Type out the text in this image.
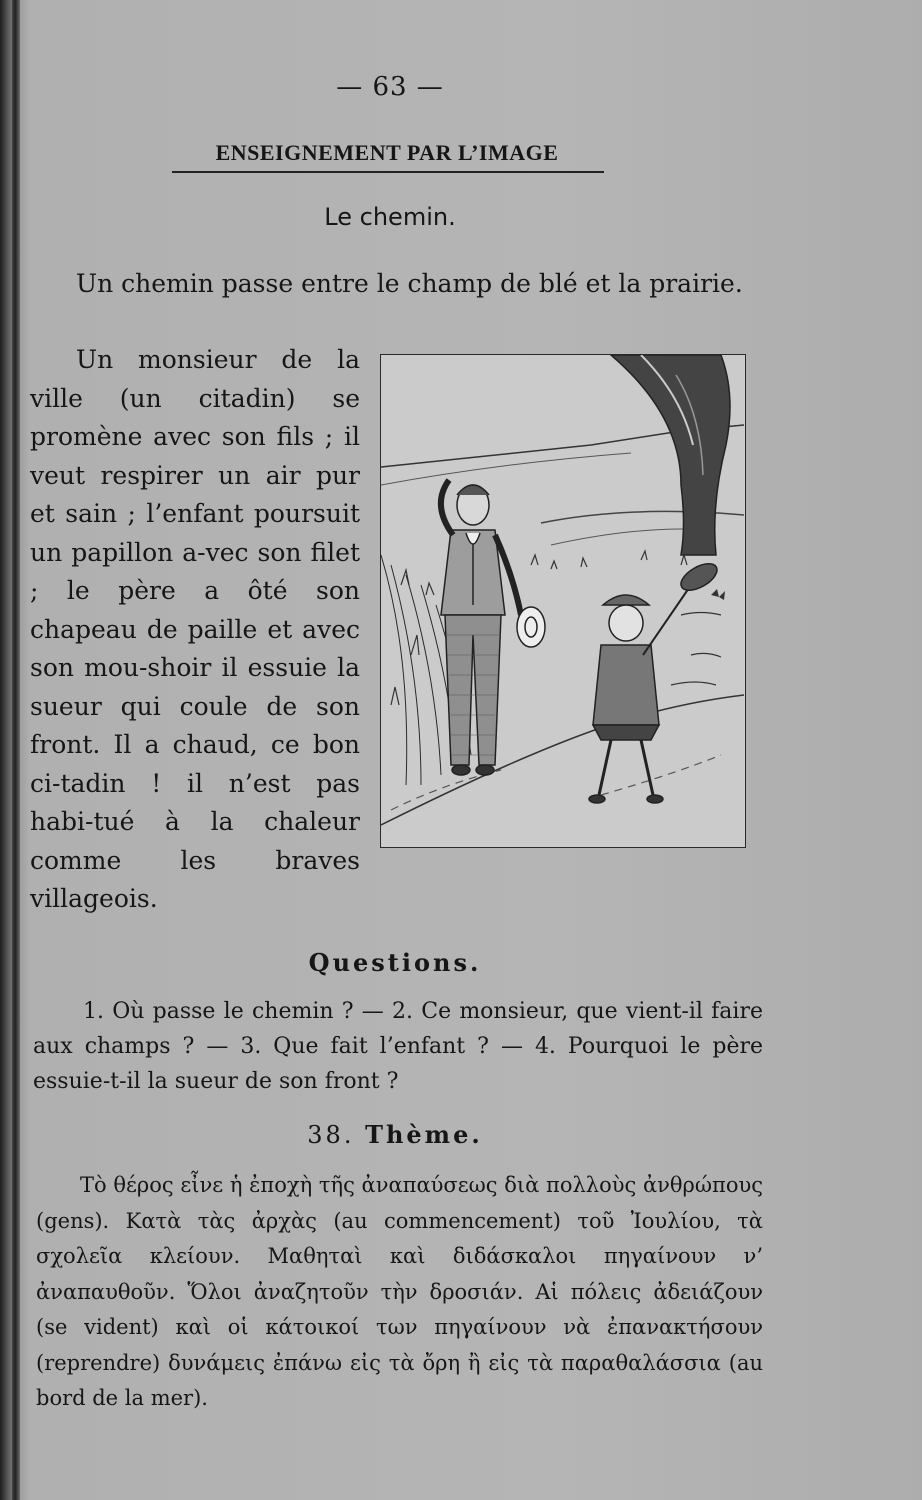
— 63 —
ENSEIGNEMENT PAR L’IMAGE
Le chemin.

Un chemin passe entre le champ de blé et la prairie.

Un monsieur de la ville (un citadin) se promène avec son fils ; il veut respirer un air pur et sain ; l’enfant poursuit un papillon a-vec son filet ; le père a ôté son chapeau de paille et avec son mou-shoir il essuie la sueur qui coule de son front. Il a chaud, ce bon ci-tadin ! il n’est pas habi-tué à la chaleur comme les braves villageois.

Questions.

1. Où passe le chemin ? — 2. Ce monsieur, que vient-il faire aux champs ? — 3. Que fait l’enfant ? — 4. Pourquoi le père essuie-t-il la sueur de son front ?

38. Thème.

Τὸ θέρος εἶνε ἡ ἐποχὴ τῆς ἀναπαύσεως διὰ πολλοὺς ἀνθρώπους (gens). Κατὰ τὰς ἀρχὰς (au commencement) τοῦ Ἰουλίου, τὰ σχολεῖα κλείουν. Μαθηταὶ καὶ διδάσκαλοι πηγαίνουν ν’ ἀναπαυθοῦν. Ὅλοι ἀναζητοῦν τὴν δροσιάν. Αἱ πόλεις ἀδειάζουν (se vident) καὶ οἱ κάτοικοί των πηγαίνουν νὰ ἐπανακτήσουν (reprendre) δυνάμεις ἐπάνω εἰς τὰ ὄρη ἢ εἰς τὰ παραθαλάσσια (au bord de la mer).
